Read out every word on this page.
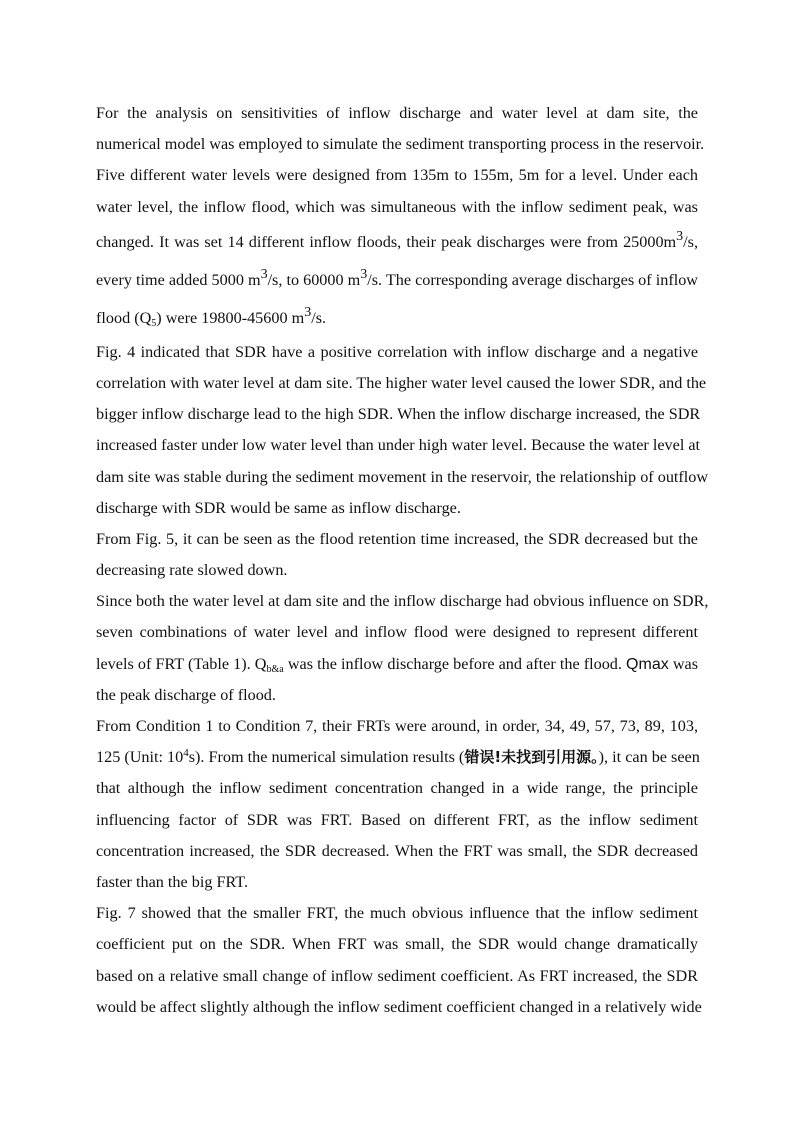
For the analysis on sensitivities of inflow discharge and water level at dam site, the
numerical model was employed to simulate the sediment transporting process in the reservoir.
Five different water levels were designed from 135m to 155m, 5m for a level. Under each
water level, the inflow flood, which was simultaneous with the inflow sediment peak, was
changed. It was set 14 different inflow floods, their peak discharges were from 25000m3/s,
every time added 5000 m3/s, to 60000 m3/s. The corresponding average discharges of inflow
flood $(Q_5)$ were 19800-45600 m3/s.
Fig. 4 indicated that SDR have a positive correlation with inflow discharge and a negative
correlation with water level at dam site. The higher water level caused the lower SDR, and the
bigger inflow discharge lead to the high SDR. When the inflow discharge increased, the SDR
increased faster under low water level than under high water level. Because the water level at
dam site was stable during the sediment movement in the reservoir, the relationship of outflow
discharge with SDR would be same as inflow discharge.
From Fig. 5, it can be seen as the flood retention time increased, the SDR decreased but the
decreasing rate slowed down.
Since both the water level at dam site and the inflow discharge had obvious influence on SDR,
seven combinations of water level and inflow flood were designed to represent different
levels of FRT (Table 1). $Q_{b\&a}$ was the inflow discharge before and after the flood. Qmax was
the peak discharge of flood.
From Condition 1 to Condition 7, their FRTs were around, in order, 34, 49, 57, 73, 89, 103,
125 (Unit: $10^4s$). From the numerical simulation results (错误!未找到引用源。), it can be seen
that although the inflow sediment concentration changed in a wide range, the principle
influencing factor of SDR was FRT. Based on different FRT, as the inflow sediment
concentration increased, the SDR decreased. When the FRT was small, the SDR decreased
faster than the big FRT.
Fig. 7 showed that the smaller FRT, the much obvious influence that the inflow sediment
coefficient put on the SDR. When FRT was small, the SDR would change dramatically
based on a relative small change of inflow sediment coefficient. As FRT increased, the SDR
would be affect slightly although the inflow sediment coefficient changed in a relatively wide
